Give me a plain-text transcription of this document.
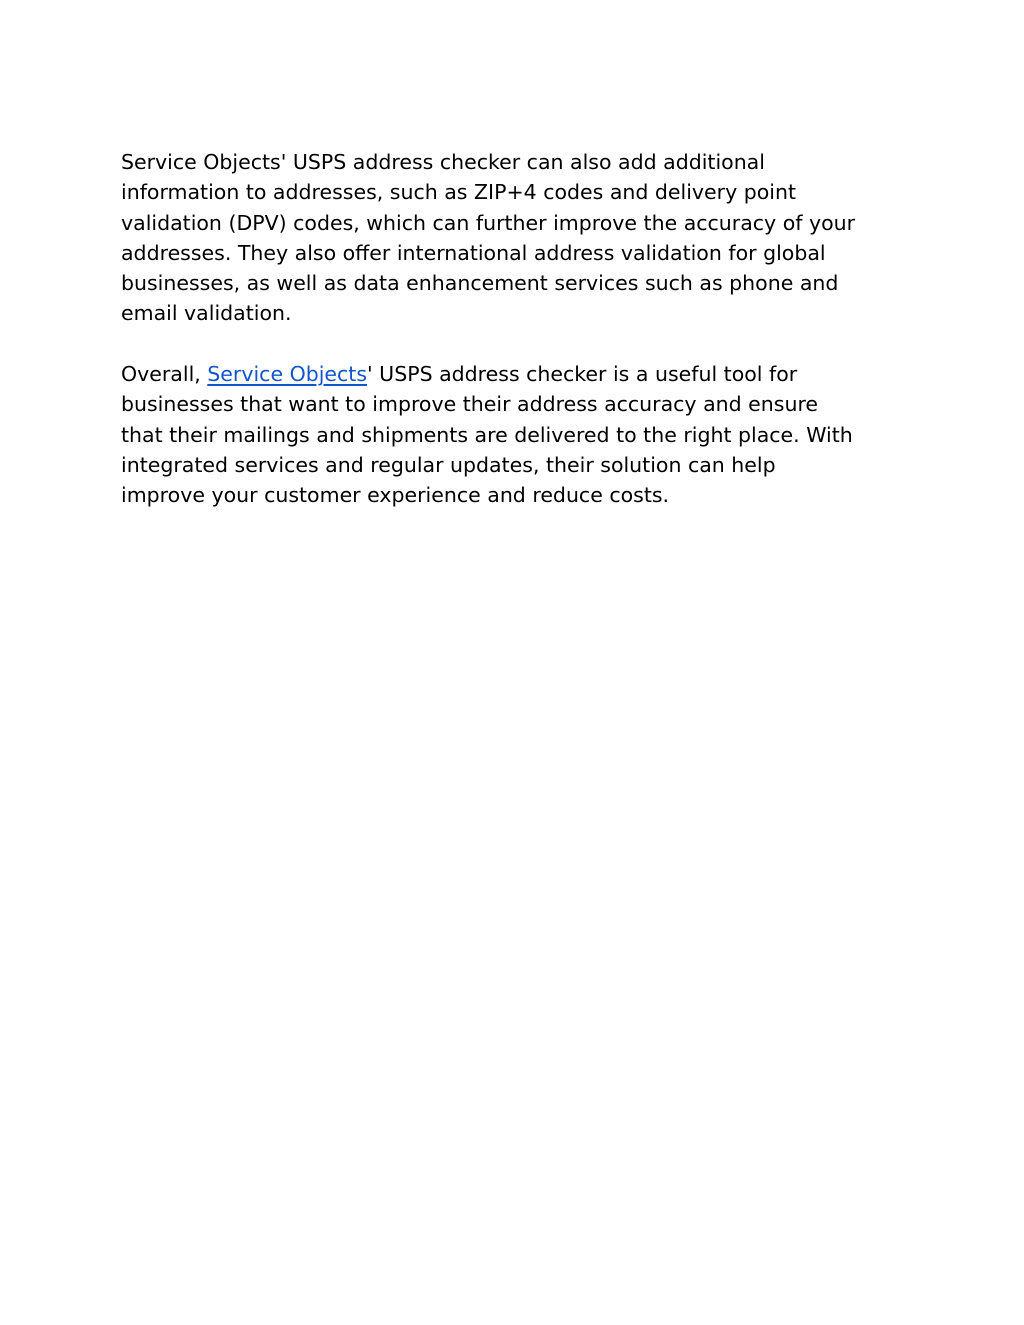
Service Objects' USPS address checker can also add additional
information to addresses, such as ZIP+4 codes and delivery point
validation (DPV) codes, which can further improve the accuracy of your
addresses. They also offer international address validation for global
businesses, as well as data enhancement services such as phone and
email validation.
Overall, Service Objects' USPS address checker is a useful tool for
businesses that want to improve their address accuracy and ensure
that their mailings and shipments are delivered to the right place. With
integrated services and regular updates, their solution can help
improve your customer experience and reduce costs.
